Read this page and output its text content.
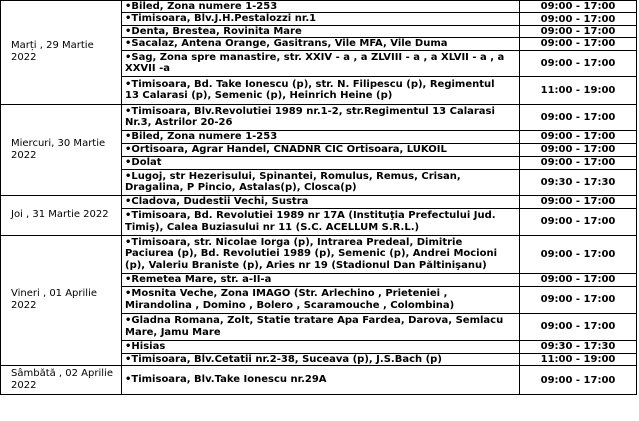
Marți , 29 Martie
2022	•Biled, Zona numere 1-253	09:00 - 17:00
	•Timisoara, Blv.J.H.Pestalozzi nr.1	09:00 - 17:00
	•Denta, Brestea, Rovinita Mare	09:00 - 17:00
	•Sacalaz, Antena Orange, Gasitrans, Vile MFA, Vile Duma	09:00 - 17:00
	•Sag, Zona spre manastire, str. XXIV - a , a ZLVIII - a , a XLVII - a , a
XXVII -a	09:00 - 17:00
	•Timisoara, Bd. Take Ionescu (p), str. N. Filipescu (p), Regimentul
13 Calarasi (p), Semenic (p), Heinrich Heine (p)	11:00 - 19:00
Miercuri, 30 Martie
2022	•Timisoara, Blv.Revolutiei 1989 nr.1-2, str.Regimentul 13 Calarasi
Nr.3, Astrilor 20-26	09:00 - 17:00
	•Biled, Zona numere 1-253	09:00 - 17:00
	•Ortisoara, Agrar Handel, CNADNR CIC Ortisoara, LUKOIL	09:00 - 17:00
	•Dolat	09:00 - 17:00
	•Lugoj, str Hezerisului, Spinantei, Romulus, Remus, Crisan,
Dragalina, P Pincio, Astalas(p), Closca(p)	09:30 - 17:30
Joi , 31 Martie 2022	•Cladova, Dudestii Vechi, Sustra	09:00 - 17:00
	•Timisoara, Bd. Revolutiei 1989 nr 17A (Instituţia Prefectului Jud.
Timiş), Calea Buziasului nr 11 (S.C. ACELLUM S.R.L.)	09:00 - 17:00
Vineri , 01 Aprilie
2022	•Timisoara, str. Nicolae Iorga (p), Intrarea Predeal, Dimitrie
Paciurea (p), Bd. Revolutiei 1989 (p), Semenic (p), Andrei Mocioni
(p), Valeriu Braniste (p), Aries nr 19 (Stadionul Dan Păltinişanu)	09:00 - 17:00
	•Remetea Mare, str. a-II-a	09:00 - 17:00
	•Mosnita Veche, Zona IMAGO (Str. Arlechino , Prieteniei ,
Mirandolina , Domino , Bolero , Scaramouche , Colombina)	09:00 - 17:00
	•Gladna Romana, Zolt, Statie tratare Apa Fardea, Darova, Semlacu
Mare, Jamu Mare	09:00 - 17:00
	•Hisias	09:30 - 17:30
	•Timisoara, Blv.Cetatii nr.2-38, Suceava (p), J.S.Bach (p)	11:00 - 19:00
Sâmbătă , 02 Aprilie
2022	•Timisoara, Blv.Take Ionescu nr.29A	09:00 - 17:00
